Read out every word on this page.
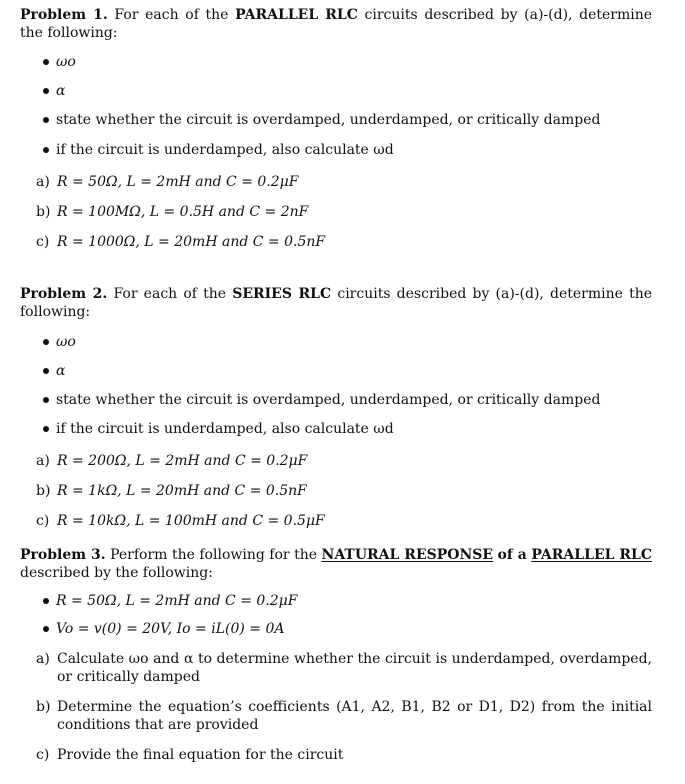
Problem 1. For each of the PARALLEL RLC circuits described by (a)-(d), determine the following:

ωo
α
state whether the circuit is overdamped, underdamped, or critically damped
if the circuit is underdamped, also calculate ωd
a) R = 50Ω, L = 2mH and C = 0.2μF
b) R = 100MΩ, L = 0.5H and C = 2nF
c) R = 1000Ω, L = 20mH and C = 0.5nF

Problem 2. For each of the SERIES RLC circuits described by (a)-(d), determine the following:

ωo
α
state whether the circuit is overdamped, underdamped, or critically damped
if the circuit is underdamped, also calculate ωd
a) R = 200Ω, L = 2mH and C = 0.2μF
b) R = 1kΩ, L = 20mH and C = 0.5nF
c) R = 10kΩ, L = 100mH and C = 0.5μF

Problem 3. Perform the following for the NATURAL RESPONSE of a PARALLEL RLC described by the following:

R = 50Ω, L = 2mH and C = 0.2μF
Vo = v(0) = 20V, Io = iL(0) = 0A
a) Calculate ωo and α to determine whether the circuit is underdamped, overdamped, or critically damped
b) Determine the equation’s coefficients (A1, A2, B1, B2 or D1, D2) from the initial conditions that are provided
c) Provide the final equation for the circuit
